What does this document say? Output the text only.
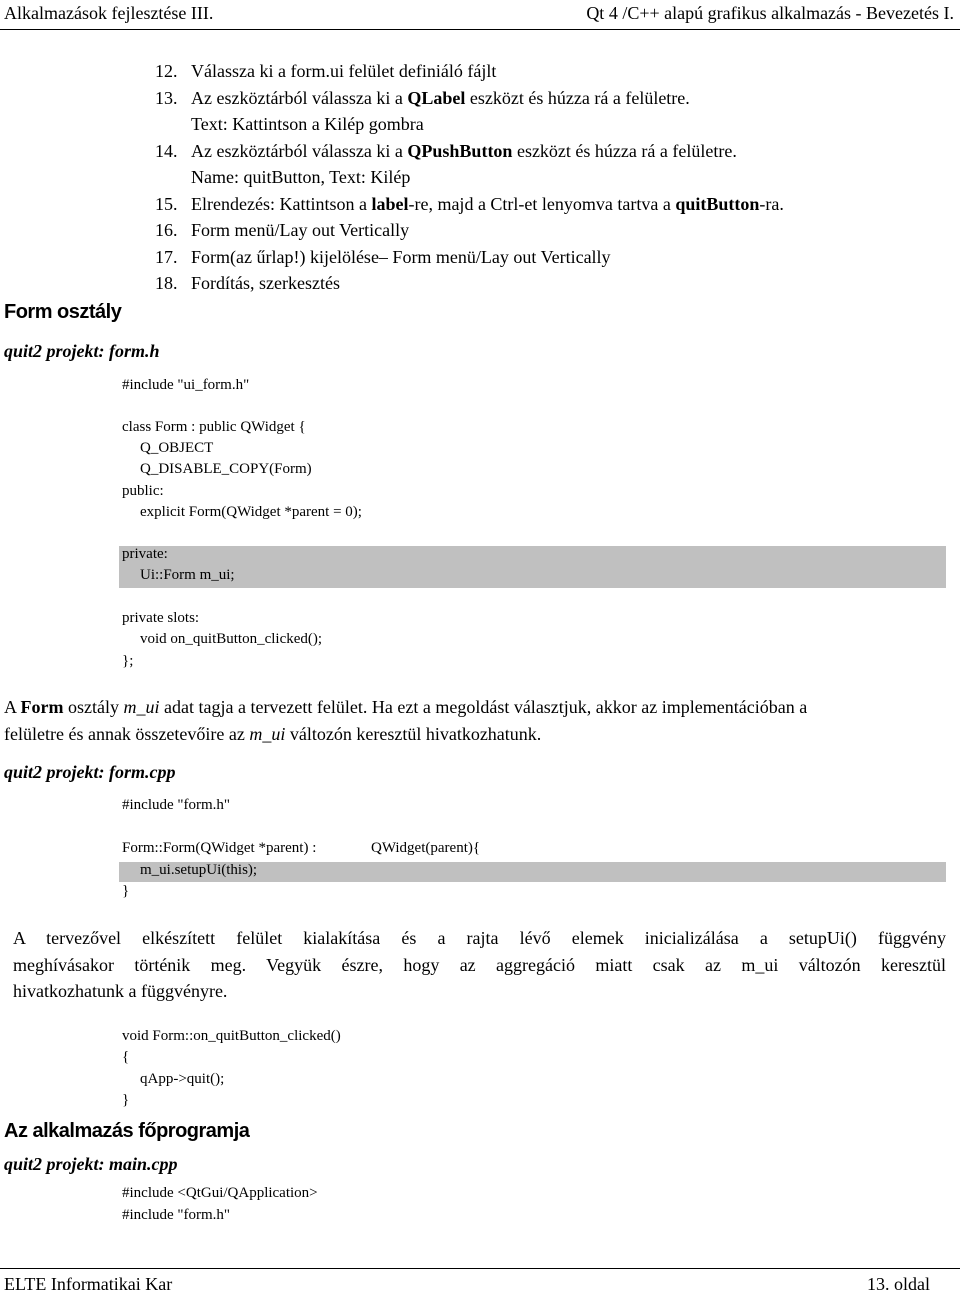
Alkalmazások fejlesztése III.	Qt 4 /C++ alapú grafikus alkalmazás - Bevezetés I.
12. Válassza ki a form.ui felület definiáló fájlt
13. Az eszköztárból válassza ki a QLabel eszközt és húzza rá a felületre.
Text: Kattintson a Kilép gombra
14. Az eszköztárból válassza ki a QPushButton eszközt és húzza rá a felületre.
Name: quitButton, Text: Kilép
15. Elrendezés: Kattintson a label-re, majd a Ctrl-et lenyomva tartva a quitButton-ra.
16. Form menü/Lay out Vertically
17. Form(az űrlap!) kijelölése– Form menü/Lay out Vertically
18. Fordítás, szerkesztés
Form osztály
quit2 projekt: form.h
#include "ui_form.h"
class Form : public QWidget {
Q_OBJECT
Q_DISABLE_COPY(Form)
public:
explicit Form(QWidget *parent = 0);
private:
Ui::Form m_ui;
private slots:
void on_quitButton_clicked();
};
A Form osztály m_ui adat tagja a tervezett felület. Ha ezt a megoldást választjuk, akkor az implementációban a
felületre és annak összetevőire az m_ui változón keresztül hivatkozhatunk.
quit2 projekt: form.cpp
#include "form.h"
Form::Form(QWidget *parent) :	QWidget(parent){
m_ui.setupUi(this);
}
A tervezővel elkészített felület kialakítása és a rajta lévő elemek inicializálása a setupUi() függvény
meghívásakor történik meg. Vegyük észre, hogy az aggregáció miatt csak az m_ui változón keresztül
hivatkozhatunk a függvényre.
void Form::on_quitButton_clicked()
{
qApp->quit();
}
Az alkalmazás főprogramja
quit2 projekt: main.cpp
#include <QtGui/QApplication>
#include "form.h"
ELTE Informatikai Kar	13. oldal
